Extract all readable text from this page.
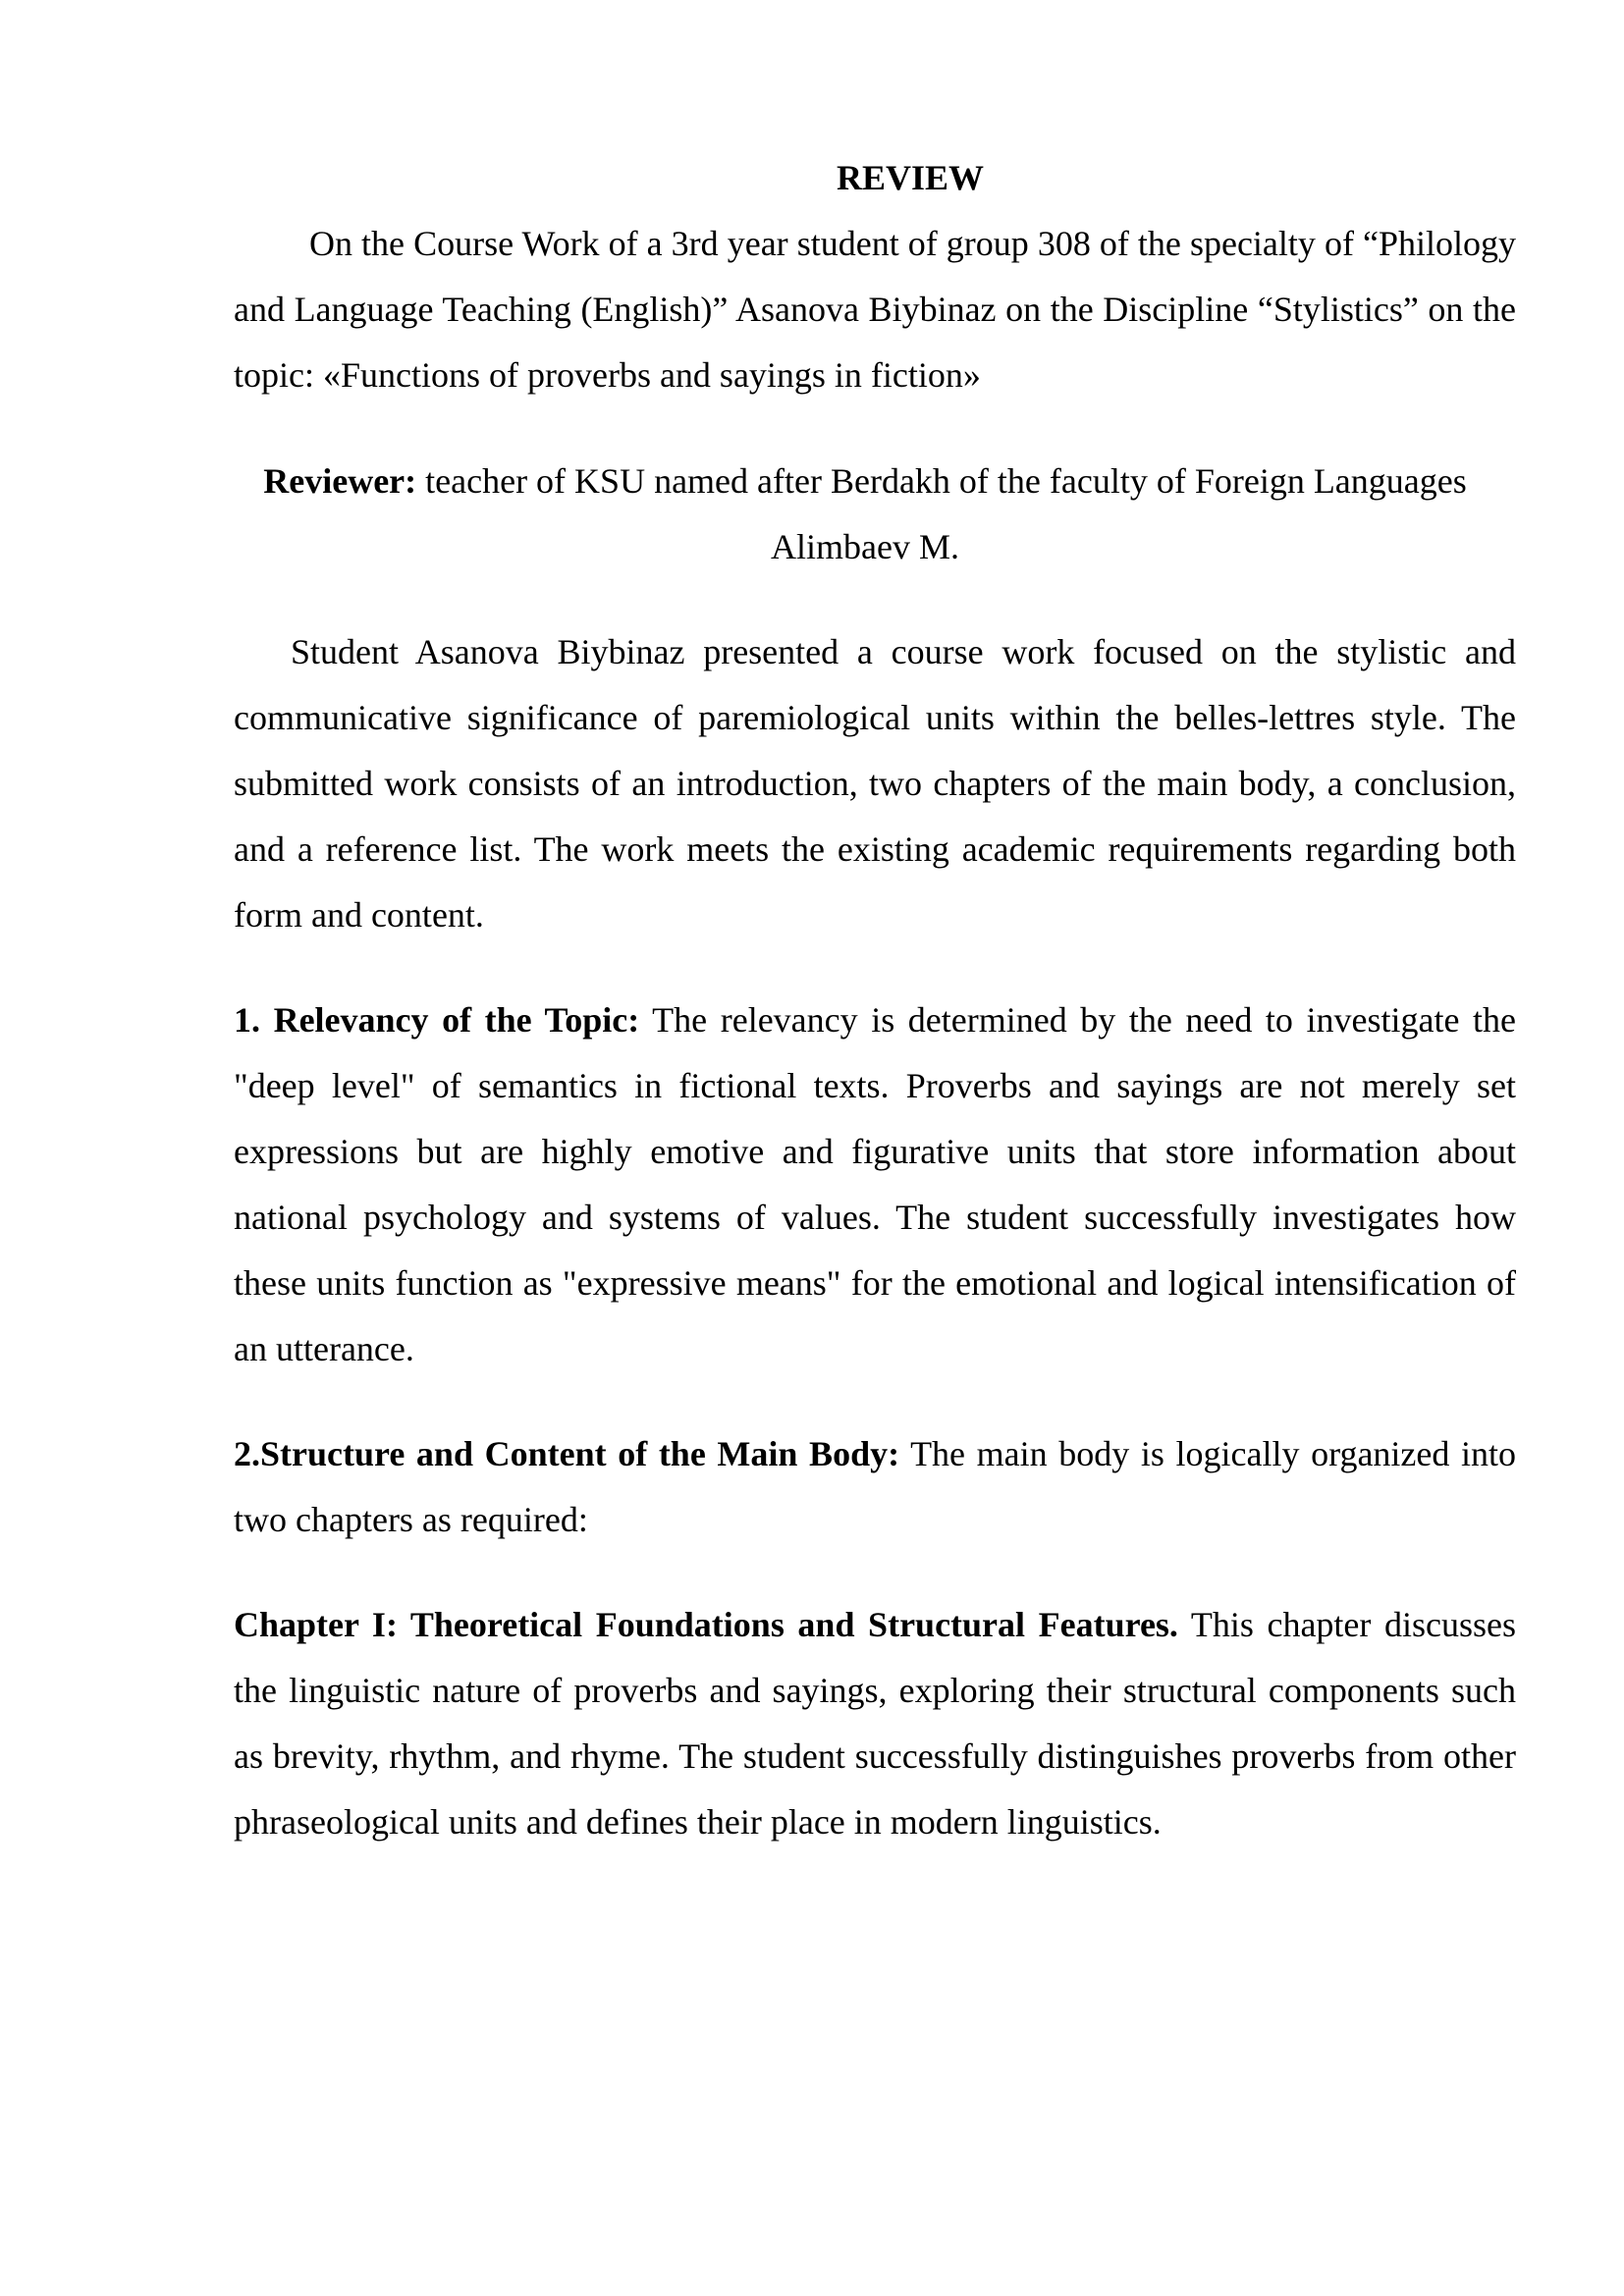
REVIEW

On the Course Work of a 3rd year student of group 308 of the specialty of “Philology and Language Teaching (English)” Asanova Biybinaz on the Discipline “Stylistics” on the topic: «Functions of proverbs and sayings in fiction»

Reviewer: teacher of KSU named after Berdakh of the faculty of Foreign Languages Alimbaev M.

Student Asanova Biybinaz presented a course work focused on the stylistic and communicative significance of paremiological units within the belles-lettres style. The submitted work consists of an introduction, two chapters of the main body, a conclusion, and a reference list. The work meets the existing academic requirements regarding both form and content.

1. Relevancy of the Topic: The relevancy is determined by the need to investigate the "deep level" of semantics in fictional texts. Proverbs and sayings are not merely set expressions but are highly emotive and figurative units that store information about national psychology and systems of values. The student successfully investigates how these units function as "expressive means" for the emotional and logical intensification of an utterance.

2.Structure and Content of the Main Body: The main body is logically organized into two chapters as required:

Chapter I: Theoretical Foundations and Structural Features. This chapter discusses the linguistic nature of proverbs and sayings, exploring their structural components such as brevity, rhythm, and rhyme. The student successfully distinguishes proverbs from other phraseological units and defines their place in modern linguistics.
